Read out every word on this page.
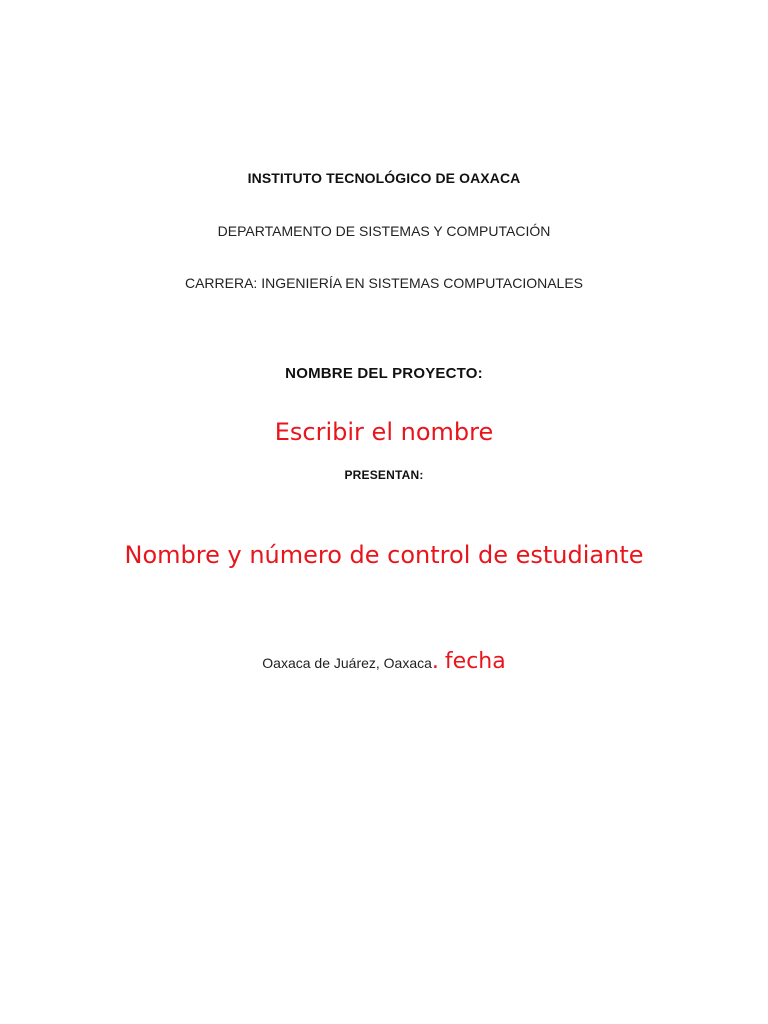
INSTITUTO TECNOLÓGICO DE OAXACA
DEPARTAMENTO DE SISTEMAS Y COMPUTACIÓN
CARRERA: INGENIERÍA EN SISTEMAS COMPUTACIONALES
NOMBRE DEL PROYECTO:
Escribir el nombre
PRESENTAN:
Nombre y número de control de estudiante
Oaxaca de Juárez, Oaxaca. fecha
